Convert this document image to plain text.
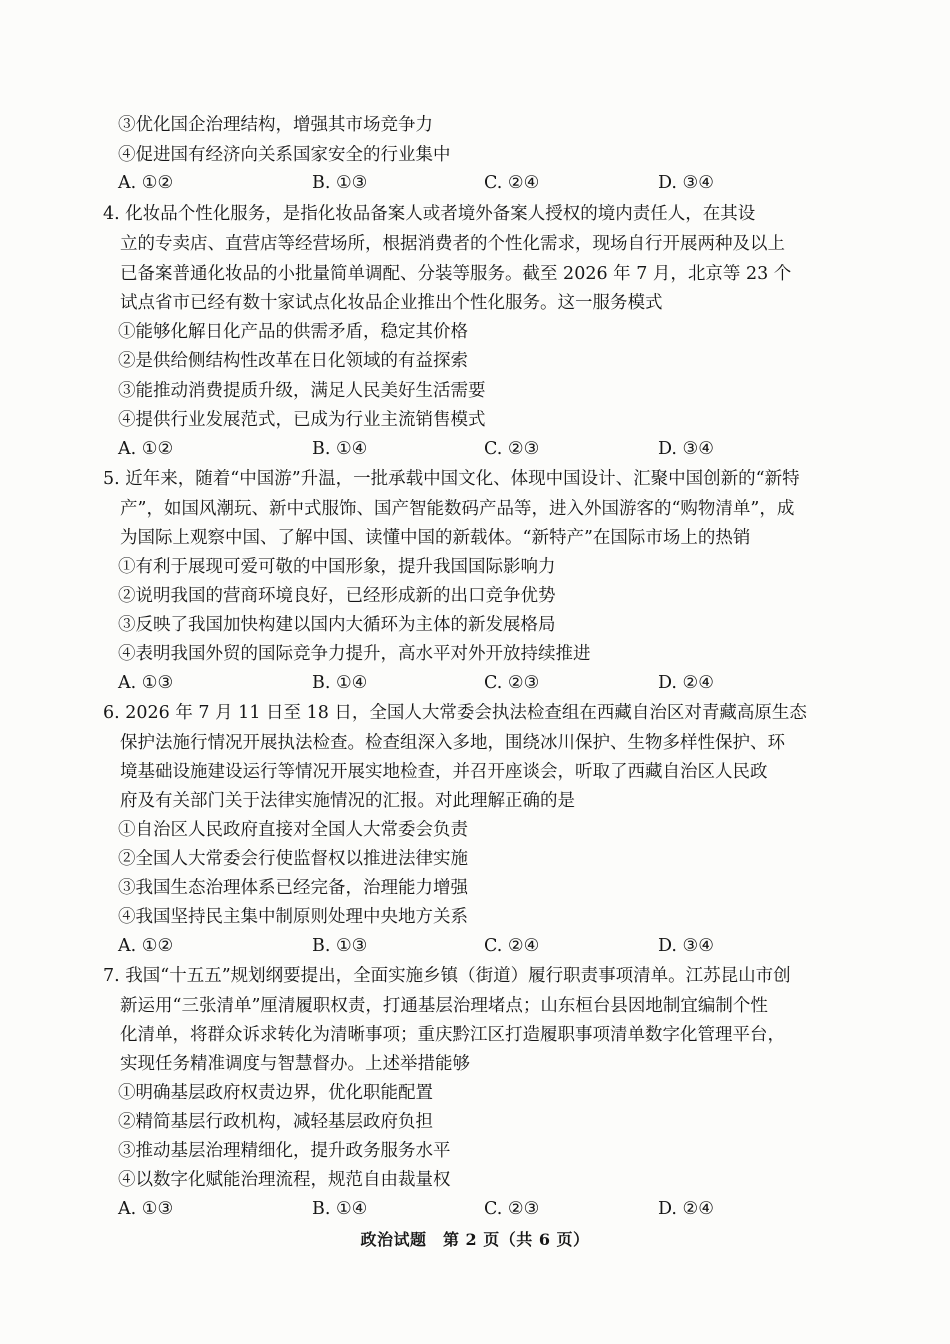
③优化国企治理结构，增强其市场竞争力
④促进国有经济向关系国家安全的行业集中
A. ①②	B. ①③	C. ②④	D. ③④
4. 化妆品个性化服务，是指化妆品备案人或者境外备案人授权的境内责任人，在其设
立的专卖店、直营店等经营场所，根据消费者的个性化需求，现场自行开展两种及以上
已备案普通化妆品的小批量简单调配、分装等服务。截至 2026 年 7 月，北京等 23 个
试点省市已经有数十家试点化妆品企业推出个性化服务。这一服务模式
①能够化解日化产品的供需矛盾，稳定其价格
②是供给侧结构性改革在日化领域的有益探索
③能推动消费提质升级，满足人民美好生活需要
④提供行业发展范式，已成为行业主流销售模式
A. ①②	B. ①④	C. ②③	D. ③④
5. 近年来，随着“中国游”升温，一批承载中国文化、体现中国设计、汇聚中国创新的“新特
产”，如国风潮玩、新中式服饰、国产智能数码产品等，进入外国游客的“购物清单”，成
为国际上观察中国、了解中国、读懂中国的新载体。“新特产”在国际市场上的热销
①有利于展现可爱可敬的中国形象，提升我国国际影响力
②说明我国的营商环境良好，已经形成新的出口竞争优势
③反映了我国加快构建以国内大循环为主体的新发展格局
④表明我国外贸的国际竞争力提升，高水平对外开放持续推进
A. ①③	B. ①④	C. ②③	D. ②④
6. 2026 年 7 月 11 日至 18 日，全国人大常委会执法检查组在西藏自治区对青藏高原生态
保护法施行情况开展执法检查。检查组深入多地，围绕冰川保护、生物多样性保护、环
境基础设施建设运行等情况开展实地检查，并召开座谈会，听取了西藏自治区人民政
府及有关部门关于法律实施情况的汇报。对此理解正确的是
①自治区人民政府直接对全国人大常委会负责
②全国人大常委会行使监督权以推进法律实施
③我国生态治理体系已经完备，治理能力增强
④我国坚持民主集中制原则处理中央地方关系
A. ①②	B. ①③	C. ②④	D. ③④
7. 我国“十五五”规划纲要提出，全面实施乡镇（街道）履行职责事项清单。江苏昆山市创
新运用“三张清单”厘清履职权责，打通基层治理堵点；山东桓台县因地制宜编制个性
化清单，将群众诉求转化为清晰事项；重庆黔江区打造履职事项清单数字化管理平台，
实现任务精准调度与智慧督办。上述举措能够
①明确基层政府权责边界，优化职能配置
②精简基层行政机构，减轻基层政府负担
③推动基层治理精细化，提升政务服务水平
④以数字化赋能治理流程，规范自由裁量权
A. ①③	B. ①④	C. ②③	D. ②④
政治试题　第 2 页（共 6 页）
